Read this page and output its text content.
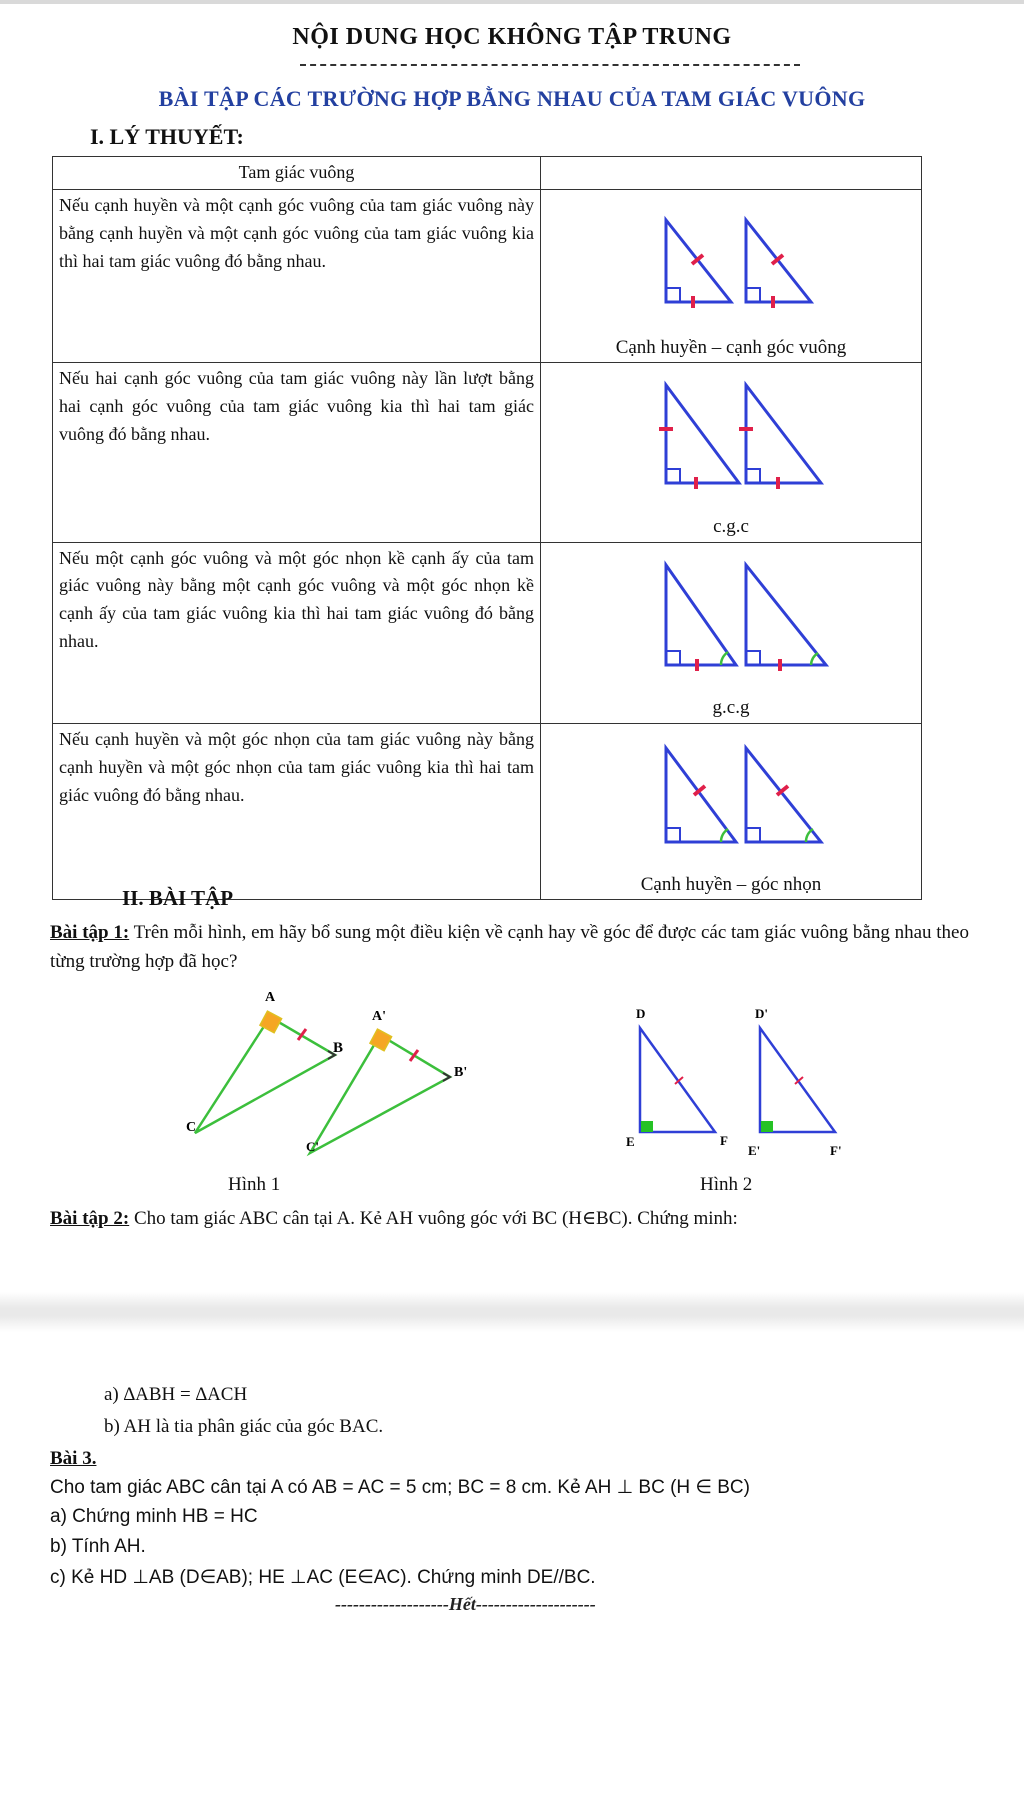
NỘI DUNG HỌC KHÔNG TẬP TRUNG
BÀI TẬP CÁC TRƯỜNG HỢP BẰNG NHAU CỦA TAM GIÁC VUÔNG
I. LÝ THUYẾT:
Tam giác vuông	
Nếu cạnh huyền và một cạnh góc vuông của tam giác vuông này bằng cạnh huyền và một cạnh góc vuông của tam giác vuông kia thì hai tam giác vuông đó bằng nhau.	Cạnh huyền – cạnh góc vuông

Nếu hai cạnh góc vuông của tam giác vuông này lần lượt bằng hai cạnh góc vuông của tam giác vuông kia thì hai tam giác vuông đó bằng nhau.	c.g.c

Nếu một cạnh góc vuông và một góc nhọn kề cạnh ấy của tam giác vuông này bằng một cạnh góc vuông và một góc nhọn kề cạnh ấy của tam giác vuông kia thì hai tam giác vuông đó bằng nhau.	g.c.g

Nếu cạnh huyền và một góc nhọn của tam giác vuông này bằng cạnh huyền và một góc nhọn của tam giác vuông kia thì hai tam giác vuông đó bằng nhau.	Cạnh huyền – góc nhọn
II. BÀI TẬP
Bài tập 1: Trên mỗi hình, em hãy bổ sung một điều kiện về cạnh hay về góc để được các tam giác vuông bằng nhau theo từng trường hợp đã học?
A
B
C
A'
B'
C'
Hình 1
D
E	F
D'
E'	F'
Hình 2
Bài tập 2: Cho tam giác ABC cân tại A. Kẻ AH vuông góc với BC (H∈BC). Chứng minh:
a) ∆ABH = ∆ACH
b) AH là tia phân giác của góc BAC.
Bài 3.
Cho tam giác ABC cân tại A có AB = AC = 5 cm; BC = 8 cm. Kẻ AH ⊥ BC (H ∈ BC)
a) Chứng minh HB = HC
b) Tính AH.
c) Kẻ HD ⊥AB (D∈AB); HE ⊥AC (E∈AC). Chứng minh DE//BC.
-------------------Hết--------------------
